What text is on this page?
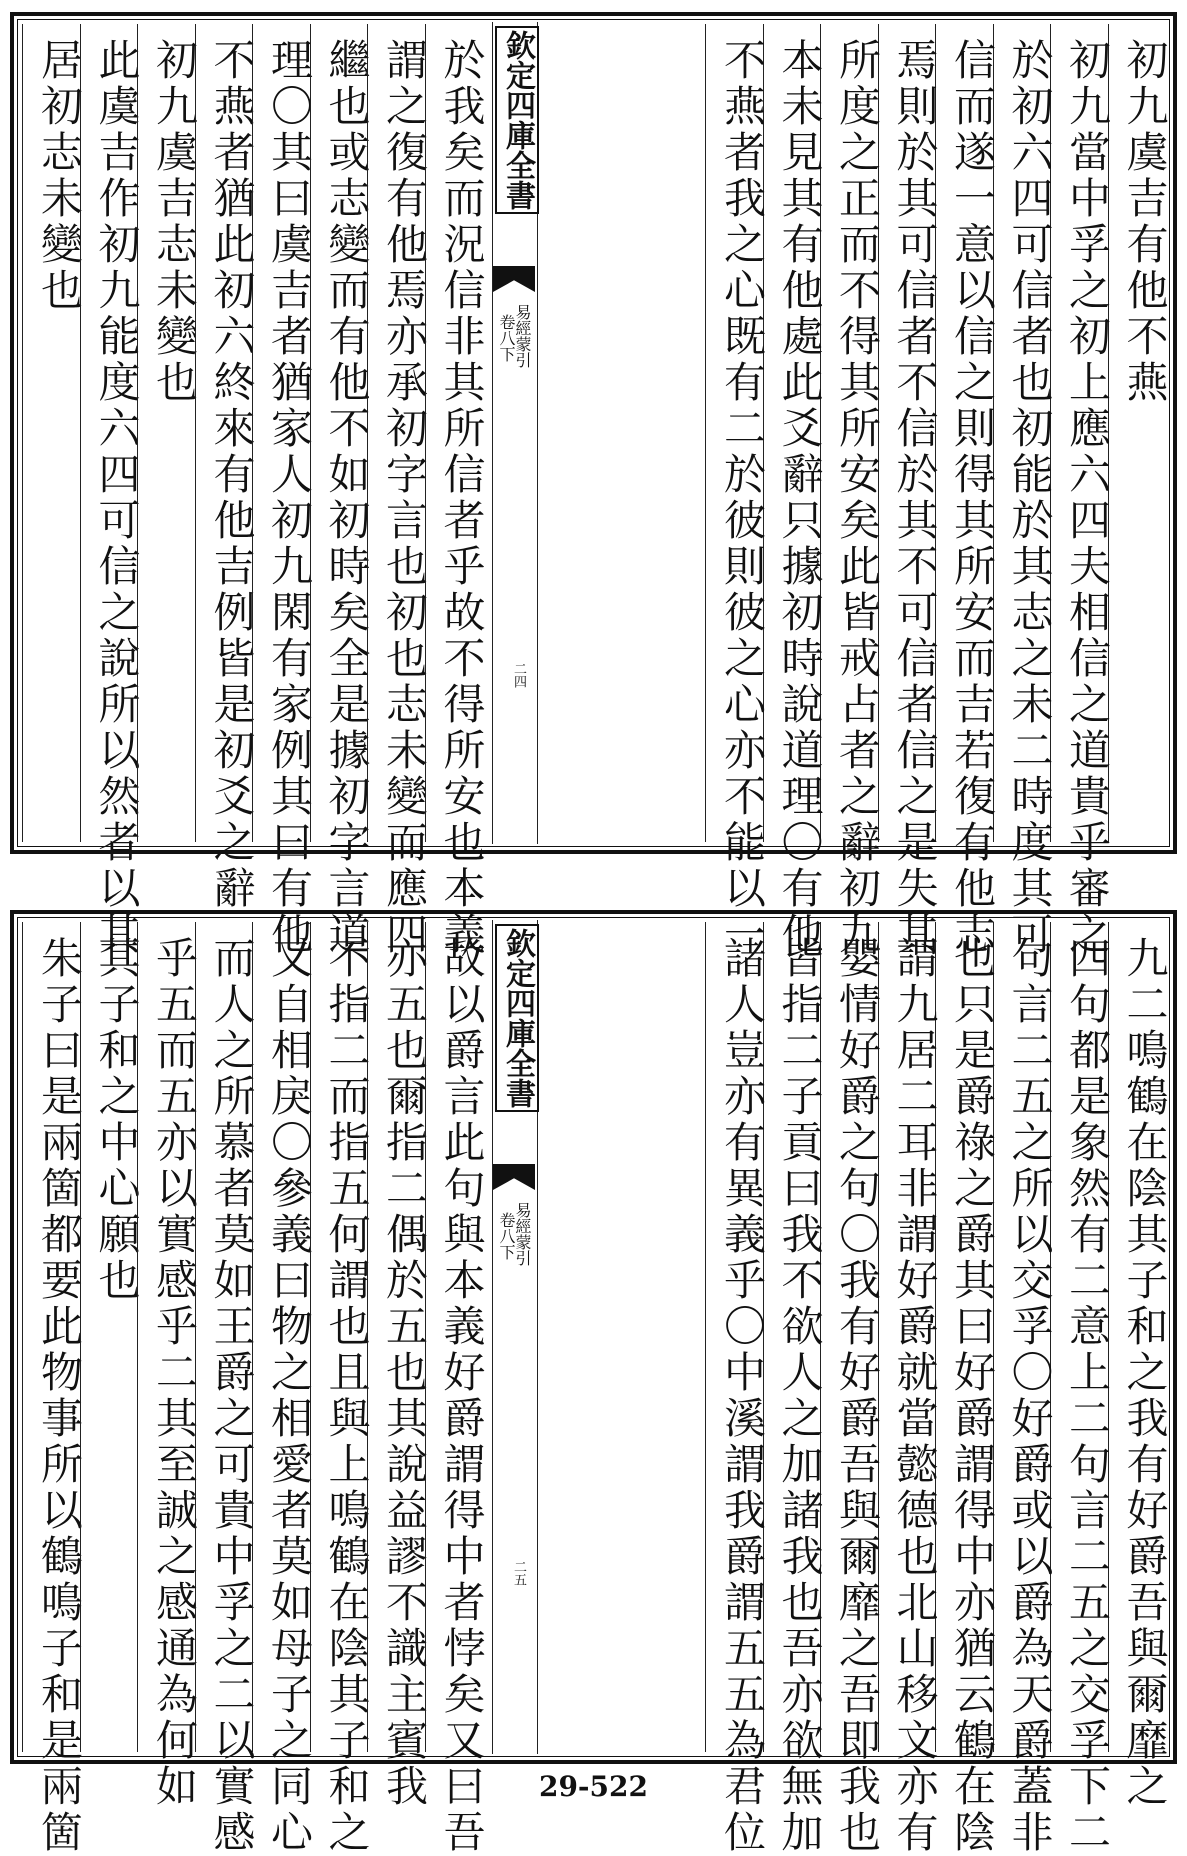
初九虞吉有他不燕
初九當中孚之初上應六四夫相信之道貴乎審之
於初六四可信者也初能於其志之未二時度其可
信而遂一意以信之則得其所安而吉若復有他志
焉則於其可信者不信於其不可信者信之是失其
所度之正而不得其所安矣此皆戒占者之辭初九
本未見其有他處此爻辭只據初時說道理〇有他
不燕者我之心既有二於彼則彼之心亦不能以一
居初志未變也 此虞吉作初九能度六四可信之說所以然者以其 初九虞吉志未變也 不燕者猶此初六終來有他吉例皆是初爻之辭 理〇其曰虞吉者猶家人初九閑有家例其曰有他 繼也或志變而有他不如初時矣全是據初字言道 謂之復有他焉亦承初字言也初也志未變而應四 於我矣而況信非其所信者乎故不得所安也本義 欽定四庫全書
易經蒙引
卷八下
二四
九二鳴鶴在陰其子和之我有好爵吾與爾靡之
四句都是象然有二意上二句言二五之交孚下二
句言二五之所以交孚〇好爵或以爵為天爵蓋非
也只是爵祿之爵其曰好爵謂得中亦猶云鶴在陰
謂九居二耳非謂好爵就當懿德也北山移文亦有
嬰情好爵之句〇我有好爵吾與爾靡之吾即我也
皆指二子貢曰我不欲人之加諸我也吾亦欲無加
諸人豈亦有異義乎〇中溪謂我爵謂五五為君位
朱子曰是兩箇都要此物事所以鶴鳴子和是兩箇 其子和之中心願也 乎五而五亦以實感乎二其至誠之感通為何如 而人之所慕者莫如王爵之可貴中孚之二以實感 又自相戾〇參義曰物之相愛者莫如母子之同心 不指二而指五何謂也且與上鳴鶴在陰其子和之 亦五也爾指二偶於五也其說益謬不識主賓我 故以爵言此句與本義好爵謂得中者悖矣又曰吾 欽定四庫全書
易經蒙引
卷八下
二五
29-522
